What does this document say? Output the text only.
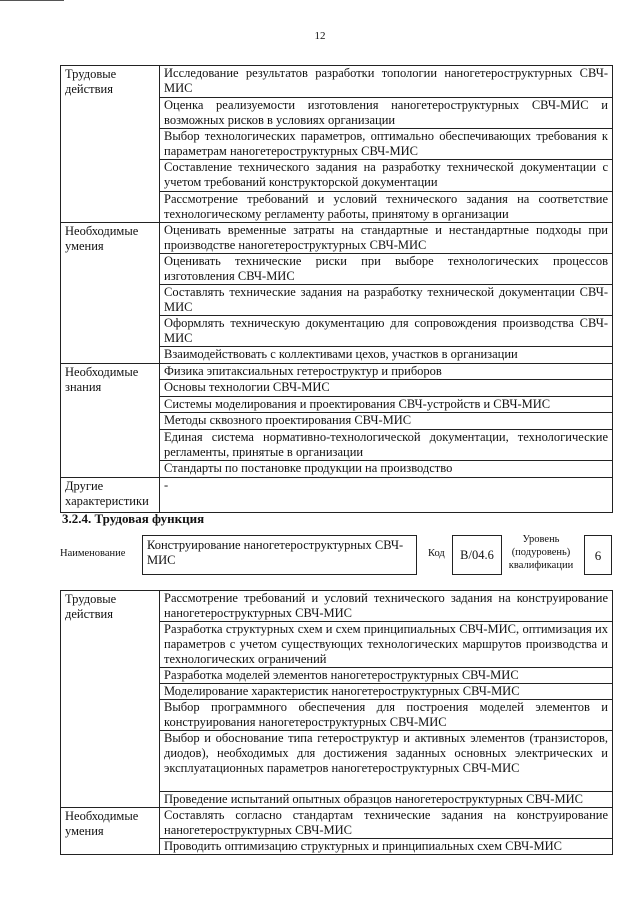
12
Трудовые действия	Исследование результатов разработки топологии наногетероструктурных СВЧ-МИС
	Оценка реализуемости изготовления наногетероструктурных СВЧ-МИС и возможных рисков в условиях организации
	Выбор технологических параметров, оптимально обеспечивающих требования к параметрам наногетероструктурных СВЧ-МИС
	Составление технического задания на разработку технической документации с учетом требований конструкторской документации
	Рассмотрение требований и условий технического задания на соответствие технологическому регламенту работы, принятому в организации
Необходимые умения	Оценивать временные затраты на стандартные и нестандартные подходы при производстве наногетероструктурных СВЧ-МИС
	Оценивать технические риски при выборе технологических процессов изготовления СВЧ-МИС
	Составлять технические задания на разработку технической документации СВЧ-МИС
	Оформлять техническую документацию для сопровождения производства СВЧ-МИС
	Взаимодействовать с коллективами цехов, участков в организации
Необходимые знания	Физика эпитаксиальных гетероструктур и приборов
	Основы технологии СВЧ-МИС
	Системы моделирования и проектирования СВЧ-устройств и СВЧ-МИС
	Методы сквозного проектирования СВЧ-МИС
	Единая система нормативно-технологической документации, технологические регламенты, принятые в организации
	Стандарты по постановке продукции на производство
Другие характеристики	-
3.2.4. Трудовая функция
Наименование
Конструирование наногетероструктурных СВЧ-МИС	Код	B/04.6
Уровень (подуровень) квалификации
6
Трудовые действия	Рассмотрение требований и условий технического задания на конструирование наногетероструктурных СВЧ-МИС
	Разработка структурных схем и схем принципиальных СВЧ-МИС, оптимизация их параметров с учетом существующих технологических маршрутов производства и технологических ограничений
	Разработка моделей элементов наногетероструктурных СВЧ-МИС
	Моделирование характеристик наногетероструктурных СВЧ-МИС
	Выбор программного обеспечения для построения моделей элементов и конструирования наногетероструктурных СВЧ-МИС
	Выбор и обоснование типа гетероструктур и активных элементов (транзисторов, диодов), необходимых для достижения заданных основных электрических и эксплуатационных параметров наногетероструктурных СВЧ-МИС
	Проведение испытаний опытных образцов наногетероструктурных СВЧ-МИС
Необходимые умения	Составлять согласно стандартам технические задания на конструирование наногетероструктурных СВЧ-МИС
	Проводить оптимизацию структурных и принципиальных схем СВЧ-МИС
